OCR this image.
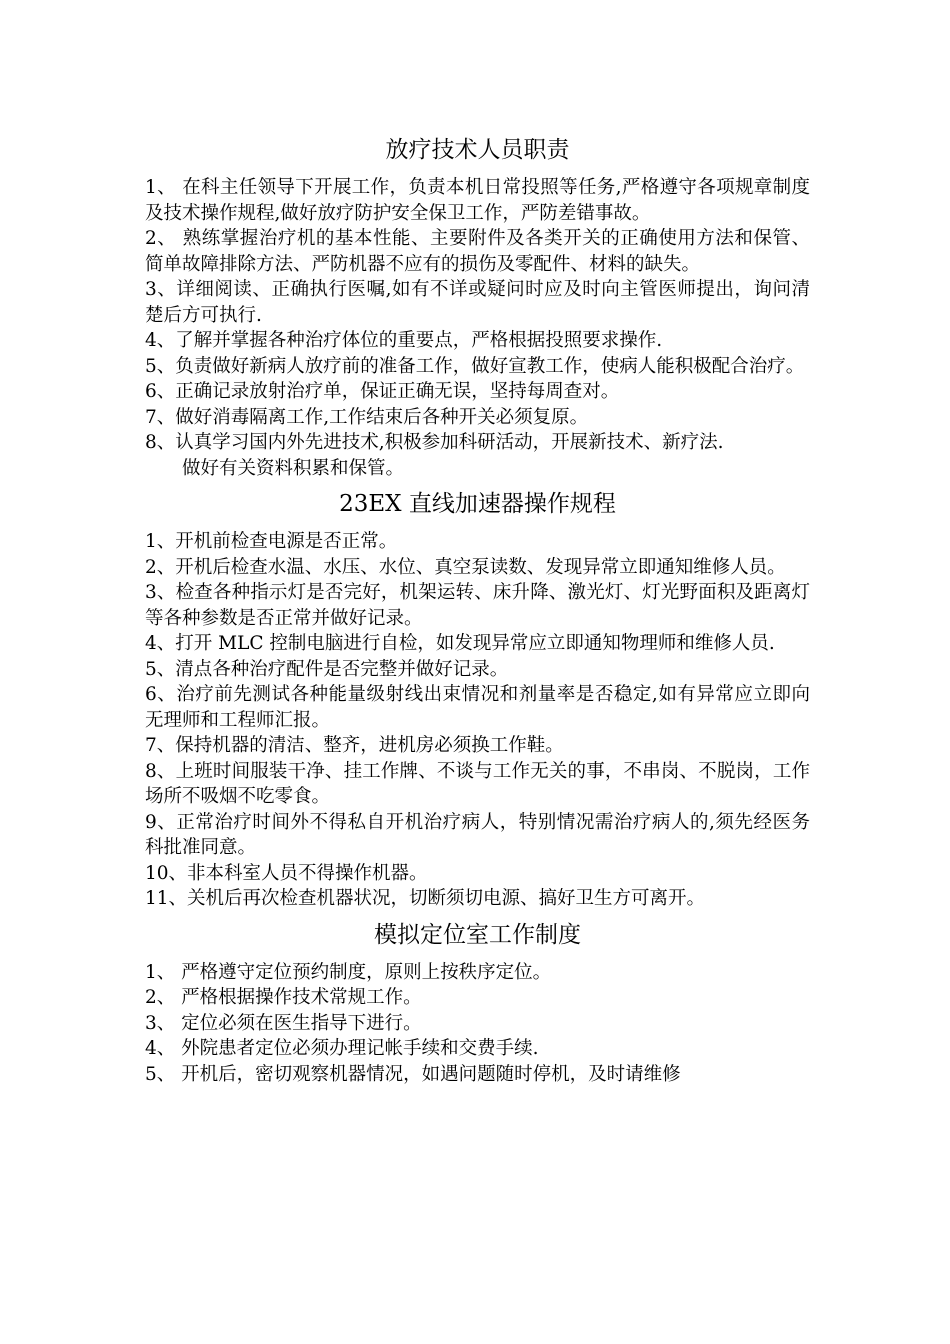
放疗技术人员职责

1、 在科主任领导下开展工作，负责本机日常投照等任务,严格遵守各项规章制度及技术操作规程,做好放疗防护安全保卫工作，严防差错事故。

2、 熟练掌握治疗机的基本性能、主要附件及各类开关的正确使用方法和保管、简单故障排除方法、严防机器不应有的损伤及零配件、材料的缺失。

3、详细阅读、正确执行医嘱,如有不详或疑问时应及时向主管医师提出，询问清楚后方可执行.

4、了解并掌握各种治疗体位的重要点，严格根据投照要求操作.

5、负责做好新病人放疗前的准备工作，做好宣教工作，使病人能积极配合治疗。

6、正确记录放射治疗单，保证正确无误，坚持每周查对。

7、做好消毒隔离工作,工作结束后各种开关必须复原。

8、认真学习国内外先进技术,积极参加科研活动，开展新技术、新疗法.

做好有关资料积累和保管。

23EX 直线加速器操作规程

1、开机前检查电源是否正常。

2、开机后检查水温、水压、水位、真空泵读数、发现异常立即通知维修人员。

3、检查各种指示灯是否完好，机架运转、床升降、激光灯、灯光野面积及距离灯等各种参数是否正常并做好记录。

4、打开 MLC 控制电脑进行自检，如发现异常应立即通知物理师和维修人员.

5、清点各种治疗配件是否完整并做好记录。

6、治疗前先测试各种能量级射线出束情况和剂量率是否稳定,如有异常应立即向无理师和工程师汇报。

7、保持机器的清洁、整齐，进机房必须换工作鞋。

8、上班时间服装干净、挂工作牌、不谈与工作无关的事，不串岗、不脱岗，工作场所不吸烟不吃零食。

9、正常治疗时间外不得私自开机治疗病人，特别情况需治疗病人的,须先经医务科批准同意。

10、非本科室人员不得操作机器。

11、关机后再次检查机器状况，切断须切电源、搞好卫生方可离开。

模拟定位室工作制度

1、 严格遵守定位预约制度，原则上按秩序定位。

2、 严格根据操作技术常规工作。

3、 定位必须在医生指导下进行。

4、 外院患者定位必须办理记帐手续和交费手续.

5、 开机后，密切观察机器情况，如遇问题随时停机，及时请维修
